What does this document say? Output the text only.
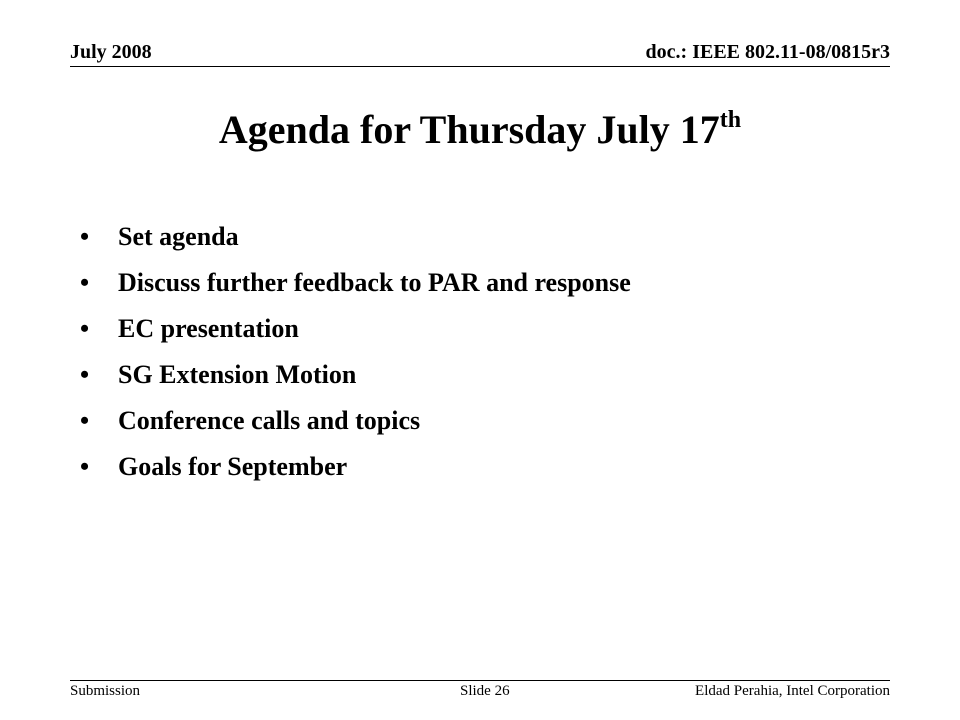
July 2008	doc.: IEEE 802.11-08/0815r3
Agenda for Thursday July 17th
• Set agenda
• Discuss further feedback to PAR and response
• EC presentation
• SG Extension Motion
• Conference calls and topics
• Goals for September
Submission	Slide 26	Eldad Perahia, Intel Corporation
